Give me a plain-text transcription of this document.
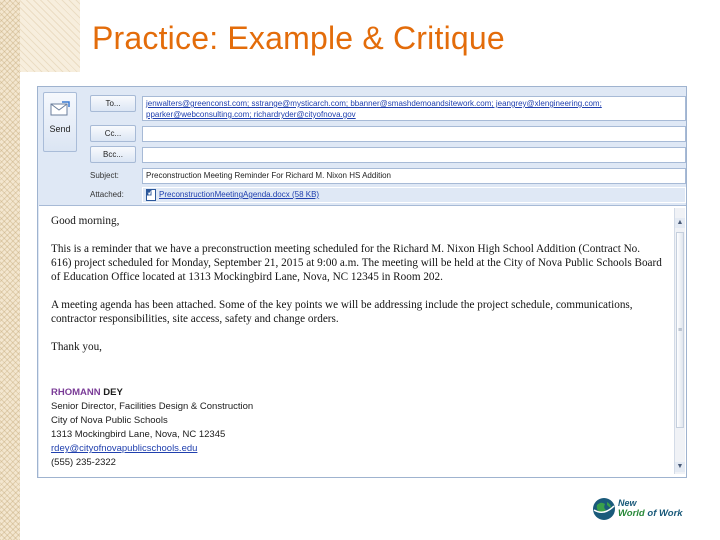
Practice: Example & Critique
Send
To...	jenwalters@greenconst.com; sstrange@mysticarch.com; bbanner@smashdemoandsitework.com; jeangrey@xlengineering.com;
pparker@webconsulting.com; richardryder@cityofnova.gov
Cc...
Bcc...
Subject:	Preconstruction Meeting Reminder For Richard M. Nixon HS Addition
Attached:	PreconstructionMeetingAgenda.docx (58 KB)

Good morning,

This is a reminder that we have a preconstruction meeting scheduled for the Richard M. Nixon High School Addition (Contract No. 616) project scheduled for Monday, September 21, 2015 at 9:00 a.m. The meeting will be held at the City of Nova Public Schools Board of Education Office located at 1313 Mockingbird Lane, Nova, NC 12345 in Room 202.

A meeting agenda has been attached. Some of the key points we will be addressing include the project schedule, communications, contractor responsibilities, site access, safety and change orders.

Thank you,

RHOMANN DEY
Senior Director, Facilities Design & Construction
City of Nova Public Schools
1313 Mockingbird Lane, Nova, NC 12345
rdey@cityofnovapublicschools.edu
(555) 235-2322
▲
≡
▼
New
World of Work
